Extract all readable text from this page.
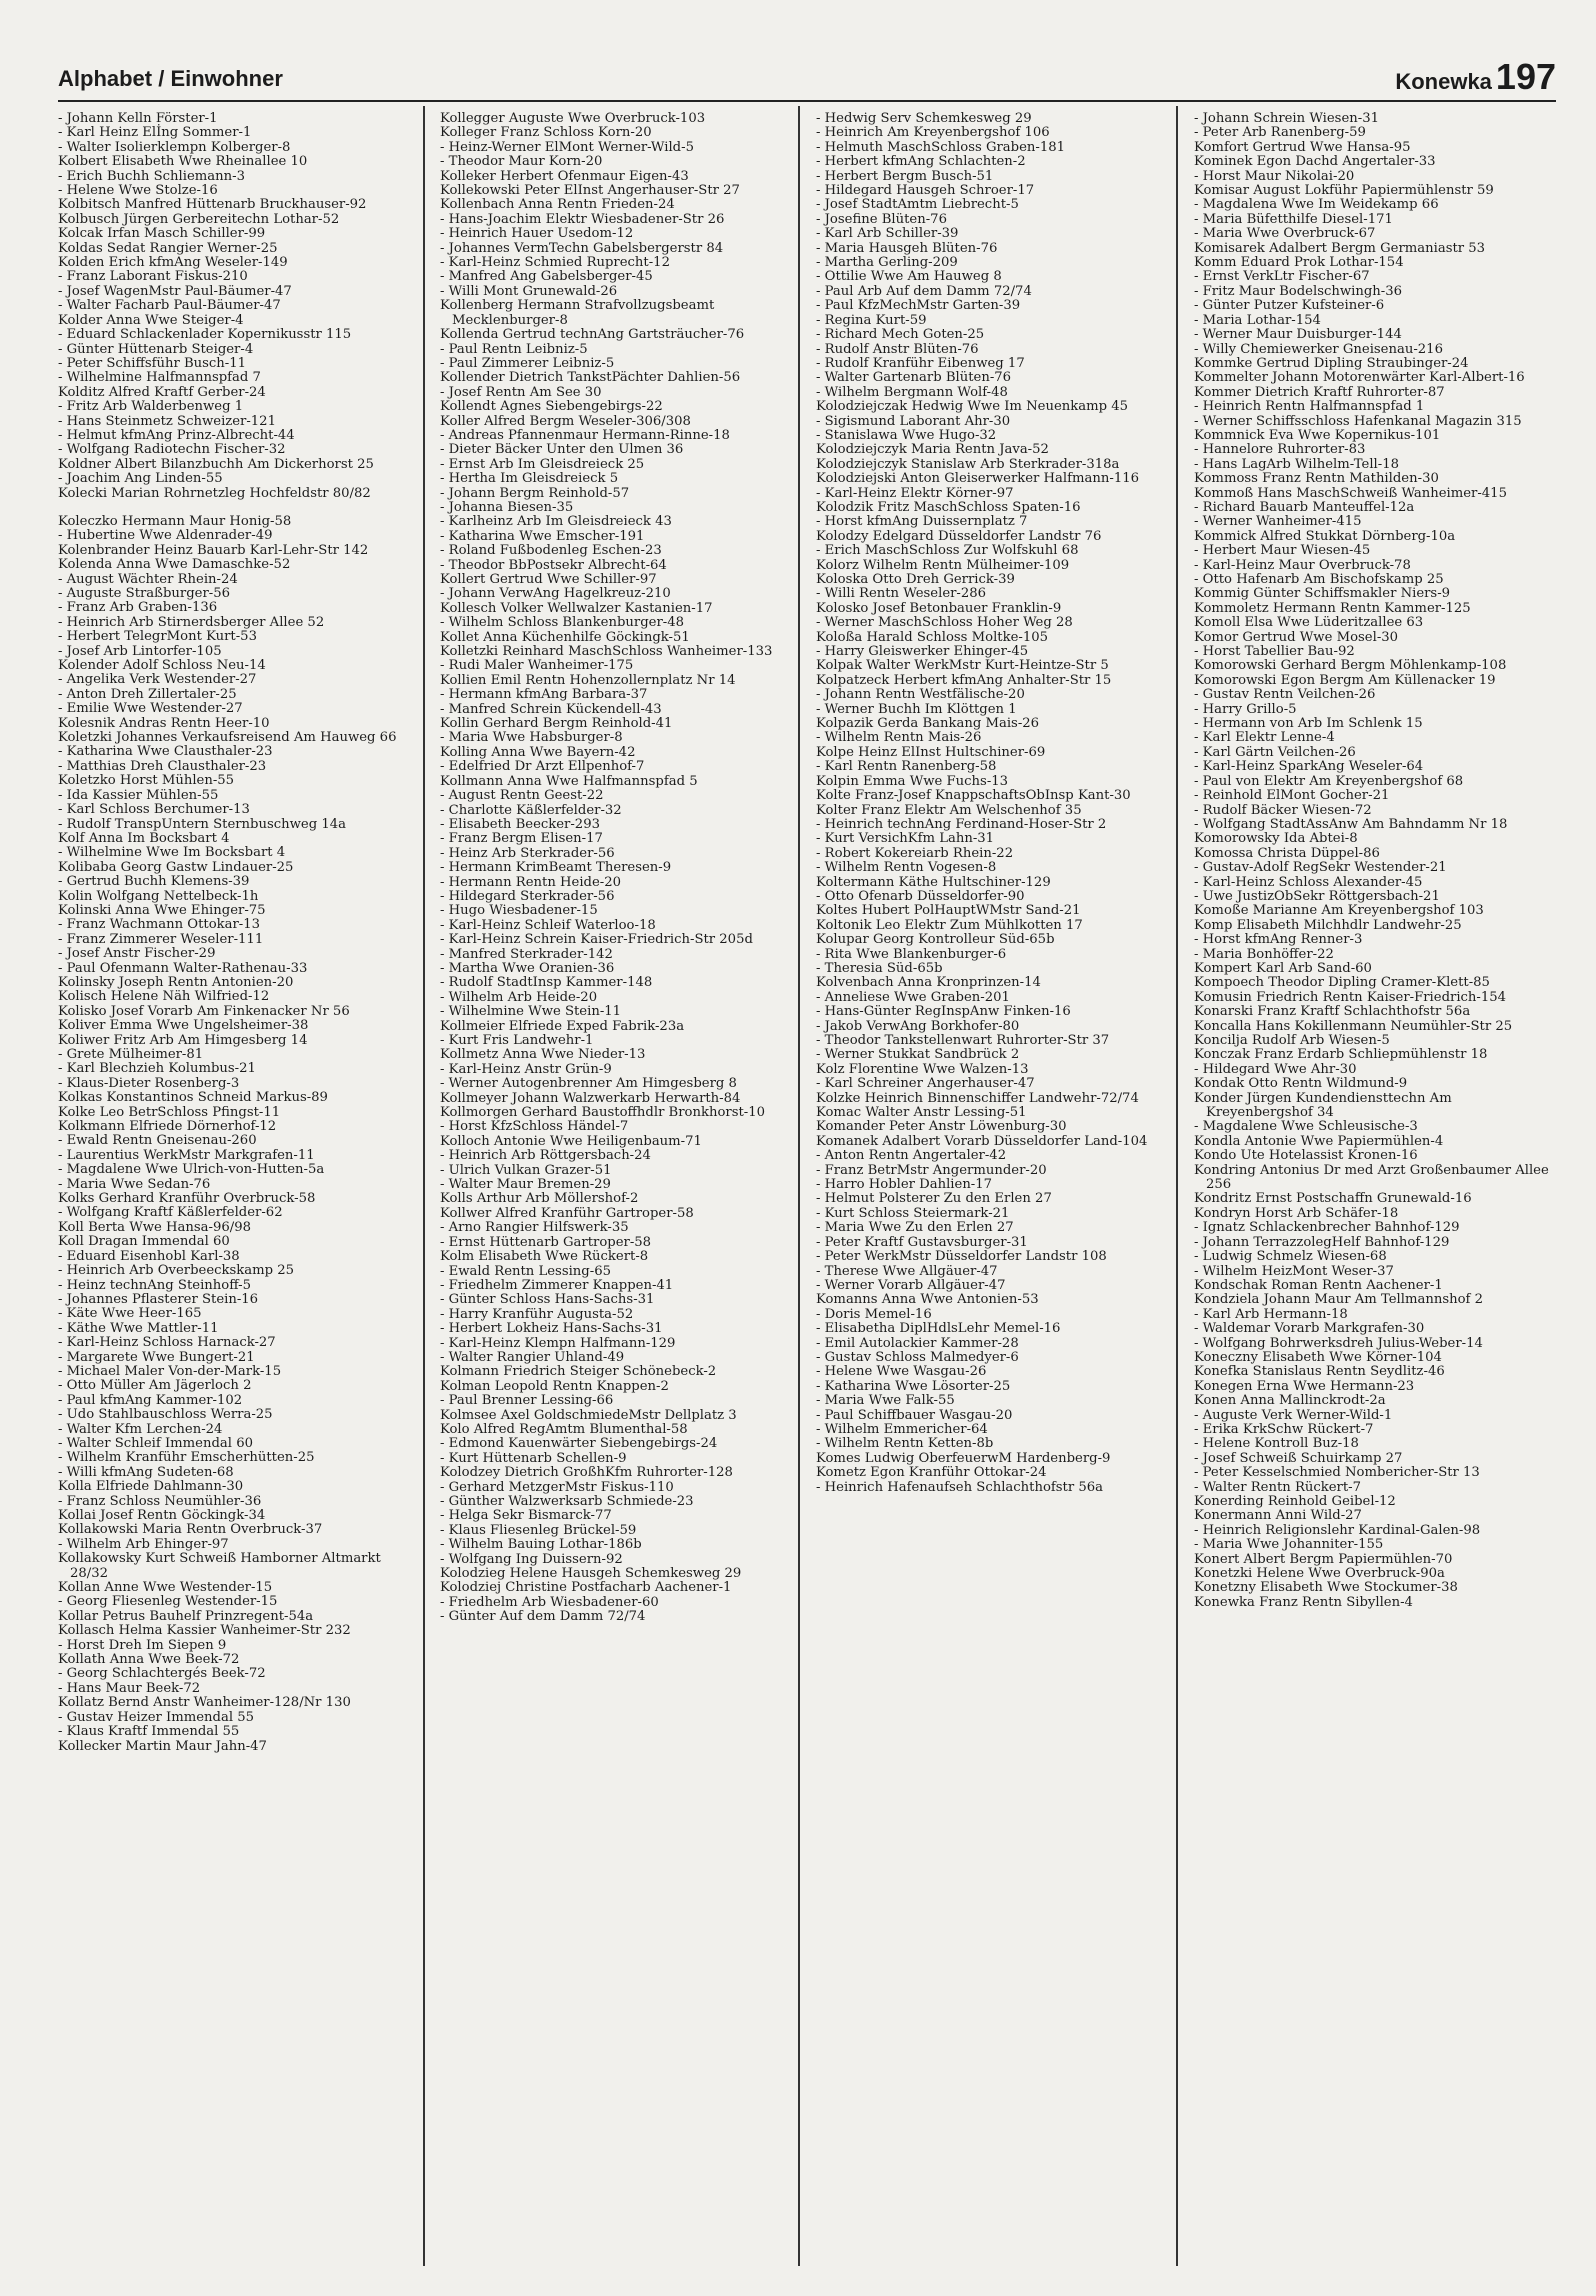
Alphabet / Einwohner	Konewka 197
- Johann Kelln Förster-1
- Karl Heinz Elİng Sommer-1
- Walter Isolierklempn Kolberger-8
Kolbert Elisabeth Wwe Rheinallee 10
- Erich Buchh Schliemann-3
- Helene Wwe Stolze-16
Kolbitsch Manfred Hüttenarb Bruckhauser-92
Kolbusch Jürgen Gerbereitechn Lothar-52
Kolcak Irfan Masch Schiller-99
Koldas Sedat Rangier Werner-25
Kolden Erich kfmAng Weseler-149
- Franz Laborant Fiskus-210
- Josef WagenMstr Paul-Bäumer-47
- Walter Facharb Paul-Bäumer-47
Kolder Anna Wwe Steiger-4
- Eduard Schlackenlader Kopernikusstr 115
- Günter Hüttenarb Steiger-4
- Peter Schiffsführ Busch-11
- Wilhelmine Halfmannspfad 7
Kolditz Alfred Kraftf Gerber-24
- Fritz Arb Walderbenweg 1
- Hans Steinmetz Schweizer-121
- Helmut kfmAng Prinz-Albrecht-44
- Wolfgang Radiotechn Fischer-32
Koldner Albert Bilanzbuchh Am Dickerhorst 25
- Joachim Ang Linden-55
Kolecki Marian Rohrnetzleg Hochfeldstr 80/82
Koleczko Hermann Maur Honig-58
- Hubertine Wwe Aldenrader-49
Kolenbrander Heinz Bauarb Karl-Lehr-Str 142
Kolenda Anna Wwe Damaschke-52
- August Wächter Rhein-24
- Auguste Straßburger-56
- Franz Arb Graben-136
- Heinrich Arb Stirnerdsberger Allee 52
- Herbert TelegrMont Kurt-53
- Josef Arb Lintorfer-105
Kolender Adolf Schloss Neu-14
- Angelika Verk Westender-27
- Anton Dreh Zillertaler-25
- Emilie Wwe Westender-27
Kolesnik Andras Rentn Heer-10
Koletzki Johannes Verkaufsreisend Am Hauweg 66
- Katharina Wwe Clausthaler-23
- Matthias Dreh Clausthaler-23
Koletzko Horst Mühlen-55
- Ida Kassier Mühlen-55
- Karl Schloss Berchumer-13
- Rudolf TranspUntern Sternbuschweg 14a
Kolf Anna Im Bocksbart 4
- Wilhelmine Wwe Im Bocksbart 4
Kolibaba Georg Gastw Lindauer-25
- Gertrud Buchh Klemens-39
Kolin Wolfgang Nettelbeck-1h
Kolinski Anna Wwe Ehinger-75
- Franz Wachmann Ottokar-13
- Franz Zimmerer Weseler-111
- Josef Anstr Fischer-29
- Paul Ofenmann Walter-Rathenau-33
Kolinsky Joseph Rentn Antonien-20
Kolisch Helene Näh Wilfried-12
Kolisko Josef Vorarb Am Finkenacker Nr 56
Koliver Emma Wwe Ungelsheimer-38
Koliwer Fritz Arb Am Himgesberg 14
- Grete Mülheimer-81
- Karl Blechzieh Kolumbus-21
- Klaus-Dieter Rosenberg-3
Kolkas Konstantinos Schneid Markus-89
Kolke Leo BetrSchloss Pfingst-11
Kolkmann Elfriede Dörnerhof-12
- Ewald Rentn Gneisenau-260
- Laurentius WerkMstr Markgrafen-11
- Magdalene Wwe Ulrich-von-Hutten-5a
- Maria Wwe Sedan-76
Kolks Gerhard Kranführ Overbruck-58
- Wolfgang Kraftf Käßlerfelder-62
Koll Berta Wwe Hansa-96/98
Koll Dragan Immendal 60
- Eduard Eisenhobl Karl-38
- Heinrich Arb Overbeeckskamp 25
- Heinz technAng Steinhoff-5
- Johannes Pflasterer Stein-16
- Käte Wwe Heer-165
- Käthe Wwe Mattler-11
- Karl-Heinz Schloss Harnack-27
- Margarete Wwe Bungert-21
- Michael Maler Von-der-Mark-15
- Otto Müller Am Jägerloch 2
- Paul kfmAng Kammer-102
- Udo Stahlbauschloss Werra-25
- Walter Kfm Lerchen-24
- Walter Schleif Immendal 60
- Wilhelm Kranführ Emscherhütten-25
- Willi kfmAng Sudeten-68
Kolla Elfriede Dahlmann-30
- Franz Schloss Neumühler-36
Kollai Josef Rentn Göckingk-34
Kollakowski Maria Rentn Overbruck-37
- Wilhelm Arb Ehinger-97
Kollakowsky Kurt Schweiß Hamborner Altmarkt 28/32
Kollan Anne Wwe Westender-15
- Georg Fliesenleg Westender-15
Kollar Petrus Bauhelf Prinzregent-54a
Kollasch Helma Kassier Wanheimer-Str 232
- Horst Dreh Im Siepen 9
Kollath Anna Wwe Beek-72
- Georg Schlachtergés Beek-72
- Hans Maur Beek-72
Kollatz Bernd Anstr Wanheimer-128/Nr 130
- Gustav Heizer Immendal 55
- Klaus Kraftf Immendal 55
Kollecker Martin Maur Jahn-47
Kollegger Auguste Wwe Overbruck-103
Kolleger Franz Schloss Korn-20
- Heinz-Werner ElMont Werner-Wild-5
- Theodor Maur Korn-20
Kolleker Herbert Ofenmaur Eigen-43
Kollekowski Peter ElInst Angerhauser-Str 27
Kollenbach Anna Rentn Frieden-24
- Hans-Joachim Elektr Wiesbadener-Str 26
- Heinrich Hauer Usedom-12
- Johannes VermTechn Gabelsbergerstr 84
- Karl-Heinz Schmied Ruprecht-12
- Manfred Ang Gabelsberger-45
- Willi Mont Grunewald-26
Kollenberg Hermann Strafvollzugsbeamt Mecklenburger-8
Kollenda Gertrud technAng Gartsträucher-76
- Paul Rentn Leibniz-5
- Paul Zimmerer Leibniz-5
Kollender Dietrich TankstPächter Dahlien-56
- Josef Rentn Am See 30
Kollendt Agnes Siebengebirgs-22
Koller Alfred Bergm Weseler-306/308
- Andreas Pfannenmaur Hermann-Rinne-18
- Dieter Bäcker Unter den Ulmen 36
- Ernst Arb Im Gleisdreieck 25
- Hertha Im Gleisdreieck 5
- Johann Bergm Reinhold-57
- Johanna Biesen-35
- Karlheinz Arb Im Gleisdreieck 43
- Katharina Wwe Emscher-191
- Roland Fußbodenleg Eschen-23
- Theodor BbPostsekr Albrecht-64
Kollert Gertrud Wwe Schiller-97
- Johann VerwAng Hagelkreuz-210
Kollesch Volker Wellwalzer Kastanien-17
- Wilhelm Schloss Blankenburger-48
Kollet Anna Küchenhilfe Göckingk-51
Kolletzki Reinhard MaschSchloss Wanheimer-133
- Rudi Maler Wanheimer-175
Kollien Emil Rentn Hohenzollernplatz Nr 14
- Hermann kfmAng Barbara-37
- Manfred Schrein Kückendell-43
Kollin Gerhard Bergm Reinhold-41
- Maria Wwe Habsburger-8
Kolling Anna Wwe Bayern-42
- Edelfried Dr Arzt Ellpenhof-7
Kollmann Anna Wwe Halfmannspfad 5
- August Rentn Geest-22
- Charlotte Käßlerfelder-32
- Elisabeth Beecker-293
- Franz Bergm Elisen-17
- Heinz Arb Sterkrader-56
- Hermann KrimBeamt Theresen-9
- Hermann Rentn Heide-20
- Hildegard Sterkrader-56
- Hugo Wiesbadener-15
- Karl-Heinz Schleif Waterloo-18
- Karl-Heinz Schrein Kaiser-Friedrich-Str 205d
- Manfred Sterkrader-142
- Martha Wwe Oranien-36
- Rudolf StadtInsp Kammer-148
- Wilhelm Arb Heide-20
- Wilhelmine Wwe Stein-11
Kollmeier Elfriede Exped Fabrik-23a
- Kurt Fris Landwehr-1
Kollmetz Anna Wwe Nieder-13
- Karl-Heinz Anstr Grün-9
- Werner Autogenbrenner Am Himgesberg 8
Kollmeyer Johann Walzwerkarb Herwarth-84
Kollmorgen Gerhard Baustoffhdlr Bronkhorst-10
- Horst KfzSchloss Händel-7
Kolloch Antonie Wwe Heiligenbaum-71
- Heinrich Arb Röttgersbach-24
- Ulrich Vulkan Grazer-51
- Walter Maur Bremen-29
Kolls Arthur Arb Möllershof-2
Kollwer Alfred Kranführ Gartroper-58
- Arno Rangier Hilfswerk-35
- Ernst Hüttenarb Gartroper-58
Kolm Elisabeth Wwe Rückert-8
- Ewald Rentn Lessing-65
- Friedhelm Zimmerer Knappen-41
- Günter Schloss Hans-Sachs-31
- Harry Kranführ Augusta-52
- Herbert Lokheiz Hans-Sachs-31
- Karl-Heinz Klempn Halfmann-129
- Walter Rangier Uhland-49
Kolmann Friedrich Steiger Schönebeck-2
Kolman Leopold Rentn Knappen-2
- Paul Brenner Lessing-66
Kolmsee Axel GoldschmiedeMstr Dellplatz 3
Kolo Alfred RegAmtm Blumenthal-58
- Edmond Kauenwärter Siebengebirgs-24
- Kurt Hüttenarb Schellen-9
Kolodzey Dietrich GroßhKfm Ruhrorter-128
- Gerhard MetzgerMstr Fiskus-110
- Günther Walzwerksarb Schmiede-23
- Helga Sekr Bismarck-77
- Klaus Fliesenleg Brückel-59
- Wilhelm Bauing Lothar-186b
- Wolfgang Ing Duissern-92
Kolodzieg Helene Hausgeh Schemkesweg 29
Kolodziej Christine Postfacharb Aachener-1
- Friedhelm Arb Wiesbadener-60
- Günter Auf dem Damm 72/74
- Hedwig Serv Schemkesweg 29
- Heinrich Am Kreyenbergshof 106
- Helmuth MaschSchloss Graben-181
- Herbert kfmAng Schlachten-2
- Herbert Bergm Busch-51
- Hildegard Hausgeh Schroer-17
- Josef StadtAmtm Liebrecht-5
- Josefine Blüten-76
- Karl Arb Schiller-39
- Maria Hausgeh Blüten-76
- Martha Gerling-209
- Ottilie Wwe Am Hauweg 8
- Paul Arb Auf dem Damm 72/74
- Paul KfzMechMstr Garten-39
- Regina Kurt-59
- Richard Mech Goten-25
- Rudolf Anstr Blüten-76
- Rudolf Kranführ Eibenweg 17
- Walter Gartenarb Blüten-76
- Wilhelm Bergmann Wolf-48
Kolodziejczak Hedwig Wwe Im Neuenkamp 45
- Sigismund Laborant Ahr-30
- Stanislawa Wwe Hugo-32
Kolodziejczyk Maria Rentn Java-52
Kolodziejczyk Stanislaw Arb Sterkrader-318a
Kolodziejski Anton Gleiserwerker Halfmann-116
- Karl-Heinz Elektr Körner-97
Kolodzik Fritz MaschSchloss Spaten-16
- Horst kfmAng Duissernplatz 7
Kolodzy Edelgard Düsseldorfer Landstr 76
- Erich MaschSchloss Zur Wolfskuhl 68
Kolorz Wilhelm Rentn Mülheimer-109
Koloska Otto Dreh Gerrick-39
- Willi Rentn Weseler-286
Kolosko Josef Betonbauer Franklin-9
- Werner MaschSchloss Hoher Weg 28
Koloßa Harald Schloss Moltke-105
- Harry Gleiswerker Ehinger-45
Kolpak Walter WerkMstr Kurt-Heintze-Str 5
Kolpatzeck Herbert kfmAng Anhalter-Str 15
- Johann Rentn Westfälische-20
- Werner Buchh Im Klöttgen 1
Kolpazik Gerda Bankang Mais-26
- Wilhelm Rentn Mais-26
Kolpe Heinz ElInst Hultschiner-69
- Karl Rentn Ranenberg-58
Kolpin Emma Wwe Fuchs-13
Kolte Franz-Josef KnappschaftsObInsp Kant-30
Kolter Franz Elektr Am Welschenhof 35
- Heinrich technAng Ferdinand-Hoser-Str 2
- Kurt VersichKfm Lahn-31
- Robert Kokereiarb Rhein-22
- Wilhelm Rentn Vogesen-8
Koltermann Käthe Hultschiner-129
- Otto Ofenarb Düsseldorfer-90
Koltes Hubert PolHauptWMstr Sand-21
Koltonik Leo Elektr Zum Mühlkotten 17
Kolupar Georg Kontrolleur Süd-65b
- Rita Wwe Blankenburger-6
- Theresia Süd-65b
Kolvenbach Anna Kronprinzen-14
- Anneliese Wwe Graben-201
- Hans-Günter RegInspAnw Finken-16
- Jakob VerwAng Borkhofer-80
- Theodor Tankstellenwart Ruhrorter-Str 37
- Werner Stukkat Sandbrück 2
Kolz Florentine Wwe Walzen-13
- Karl Schreiner Angerhauser-47
Kolzke Heinrich Binnenschiffer Landwehr-72/74
Komac Walter Anstr Lessing-51
Komander Peter Anstr Löwenburg-30
Komanek Adalbert Vorarb Düsseldorfer Land-104
- Anton Rentn Angertaler-42
- Franz BetrMstr Angermunder-20
- Harro Hobler Dahlien-17
- Helmut Polsterer Zu den Erlen 27
- Kurt Schloss Steiermark-21
- Maria Wwe Zu den Erlen 27
- Peter Kraftf Gustavsburger-31
- Peter WerkMstr Düsseldorfer Landstr 108
- Therese Wwe Allgäuer-47
- Werner Vorarb Allgäuer-47
Komanns Anna Wwe Antonien-53
- Doris Memel-16
- Elisabetha DiplHdlsLehr Memel-16
- Emil Autolackier Kammer-28
- Gustav Schloss Malmedyer-6
- Helene Wwe Wasgau-26
- Katharina Wwe Lösorter-25
- Maria Wwe Falk-55
- Paul Schiffbauer Wasgau-20
- Wilhelm Emmericher-64
- Wilhelm Rentn Ketten-8b
Komes Ludwig OberfeuerwM Hardenberg-9
Kometz Egon Kranführ Ottokar-24
- Heinrich Hafenaufseh Schlachthofstr 56a
- Johann Schrein Wiesen-31
- Peter Arb Ranenberg-59
Komfort Gertrud Wwe Hansa-95
Kominek Egon Dachd Angertaler-33
- Horst Maur Nikolai-20
Komisar August Lokführ Papiermühlenstr 59
- Magdalena Wwe Im Weidekamp 66
- Maria Büfetthilfe Diesel-171
- Maria Wwe Overbruck-67
Komisarek Adalbert Bergm Germaniastr 53
Komm Eduard Prok Lothar-154
- Ernst VerkLtr Fischer-67
- Fritz Maur Bodelschwingh-36
- Günter Putzer Kufsteiner-6
- Maria Lothar-154
- Werner Maur Duisburger-144
- Willy Chemiewerker Gneisenau-216
Kommke Gertrud Dipling Straubinger-24
Kommelter Johann Motorenwärter Karl-Albert-16
Kommer Dietrich Kraftf Ruhrorter-87
- Heinrich Rentn Halfmannspfad 1
- Werner Schiffsschloss Hafenkanal Magazin 315
Kommnick Eva Wwe Kopernikus-101
- Hannelore Ruhrorter-83
- Hans LagArb Wilhelm-Tell-18
Kommoss Franz Rentn Mathilden-30
Kommoß Hans MaschSchweiß Wanheimer-415
- Richard Bauarb Manteuffel-12a
- Werner Wanheimer-415
Kommick Alfred Stukkat Dörnberg-10a
- Herbert Maur Wiesen-45
- Karl-Heinz Maur Overbruck-78
- Otto Hafenarb Am Bischofskamp 25
Kommig Günter Schiffsmakler Niers-9
Kommoletz Hermann Rentn Kammer-125
Komoll Elsa Wwe Lüderitzallee 63
Komor Gertrud Wwe Mosel-30
- Horst Tabellier Bau-92
Komorowski Gerhard Bergm Möhlenkamp-108
Komorowski Egon Bergm Am Küllenacker 19
- Gustav Rentn Veilchen-26
- Harry Grillo-5
- Hermann von Arb Im Schlenk 15
- Karl Elektr Lenne-4
- Karl Gärtn Veilchen-26
- Karl-Heinz SparkAng Weseler-64
- Paul von Elektr Am Kreyenbergshof 68
- Reinhold ElMont Gocher-21
- Rudolf Bäcker Wiesen-72
- Wolfgang StadtAssAnw Am Bahndamm Nr 18
Komorowsky Ida Abtei-8
Komossa Christa Düppel-86
- Gustav-Adolf RegSekr Westender-21
- Karl-Heinz Schloss Alexander-45
- Uwe JustizObSekr Röttgersbach-21
Komoße Marianne Am Kreyenbergshof 103
Komp Elisabeth Milchhdlr Landwehr-25
- Horst kfmAng Renner-3
- Maria Bonhöffer-22
Kompert Karl Arb Sand-60
Kompoech Theodor Dipling Cramer-Klett-85
Komusin Friedrich Rentn Kaiser-Friedrich-154
Konarski Franz Kraftf Schlachthofstr 56a
Koncalla Hans Kokillenmann Neumühler-Str 25
Koncilja Rudolf Arb Wiesen-5
Konczak Franz Erdarb Schliepmühlenstr 18
- Hildegard Wwe Ahr-30
Kondak Otto Rentn Wildmund-9
Konder Jürgen Kundendiensttechn Am Kreyenbergshof 34
- Magdalene Wwe Schleusische-3
Kondla Antonie Wwe Papiermühlen-4
Kondo Ute Hotelassist Kronen-16
Kondring Antonius Dr med Arzt Großenbaumer Allee 256
Kondritz Ernst Postschaffn Grunewald-16
Kondryn Horst Arb Schäfer-18
- Ignatz Schlackenbrecher Bahnhof-129
- Johann TerrazzolegHelf Bahnhof-129
- Ludwig Schmelz Wiesen-68
- Wilhelm HeizMont Weser-37
Kondschak Roman Rentn Aachener-1
Kondziela Johann Maur Am Tellmannshof 2
- Karl Arb Hermann-18
- Waldemar Vorarb Markgrafen-30
- Wolfgang Bohrwerksdreh Julius-Weber-14
Koneczny Elisabeth Wwe Körner-104
Konefka Stanislaus Rentn Seydlitz-46
Konegen Erna Wwe Hermann-23
Konen Anna Mallinckrodt-2a
- Auguste Verk Werner-Wild-1
- Erika KrkSchw Rückert-7
- Helene Kontroll Buz-18
- Josef Schweiß Schuirkamp 27
- Peter Kesselschmied Nombericher-Str 13
- Walter Rentn Rückert-7
Konerding Reinhold Geibel-12
Konermann Anni Wild-27
- Heinrich Religionslehr Kardinal-Galen-98
- Maria Wwe Johanniter-155
Konert Albert Bergm Papiermühlen-70
Konetzki Helene Wwe Overbruck-90a
Konetzny Elisabeth Wwe Stockumer-38
Konewka Franz Rentn Sibyllen-4
